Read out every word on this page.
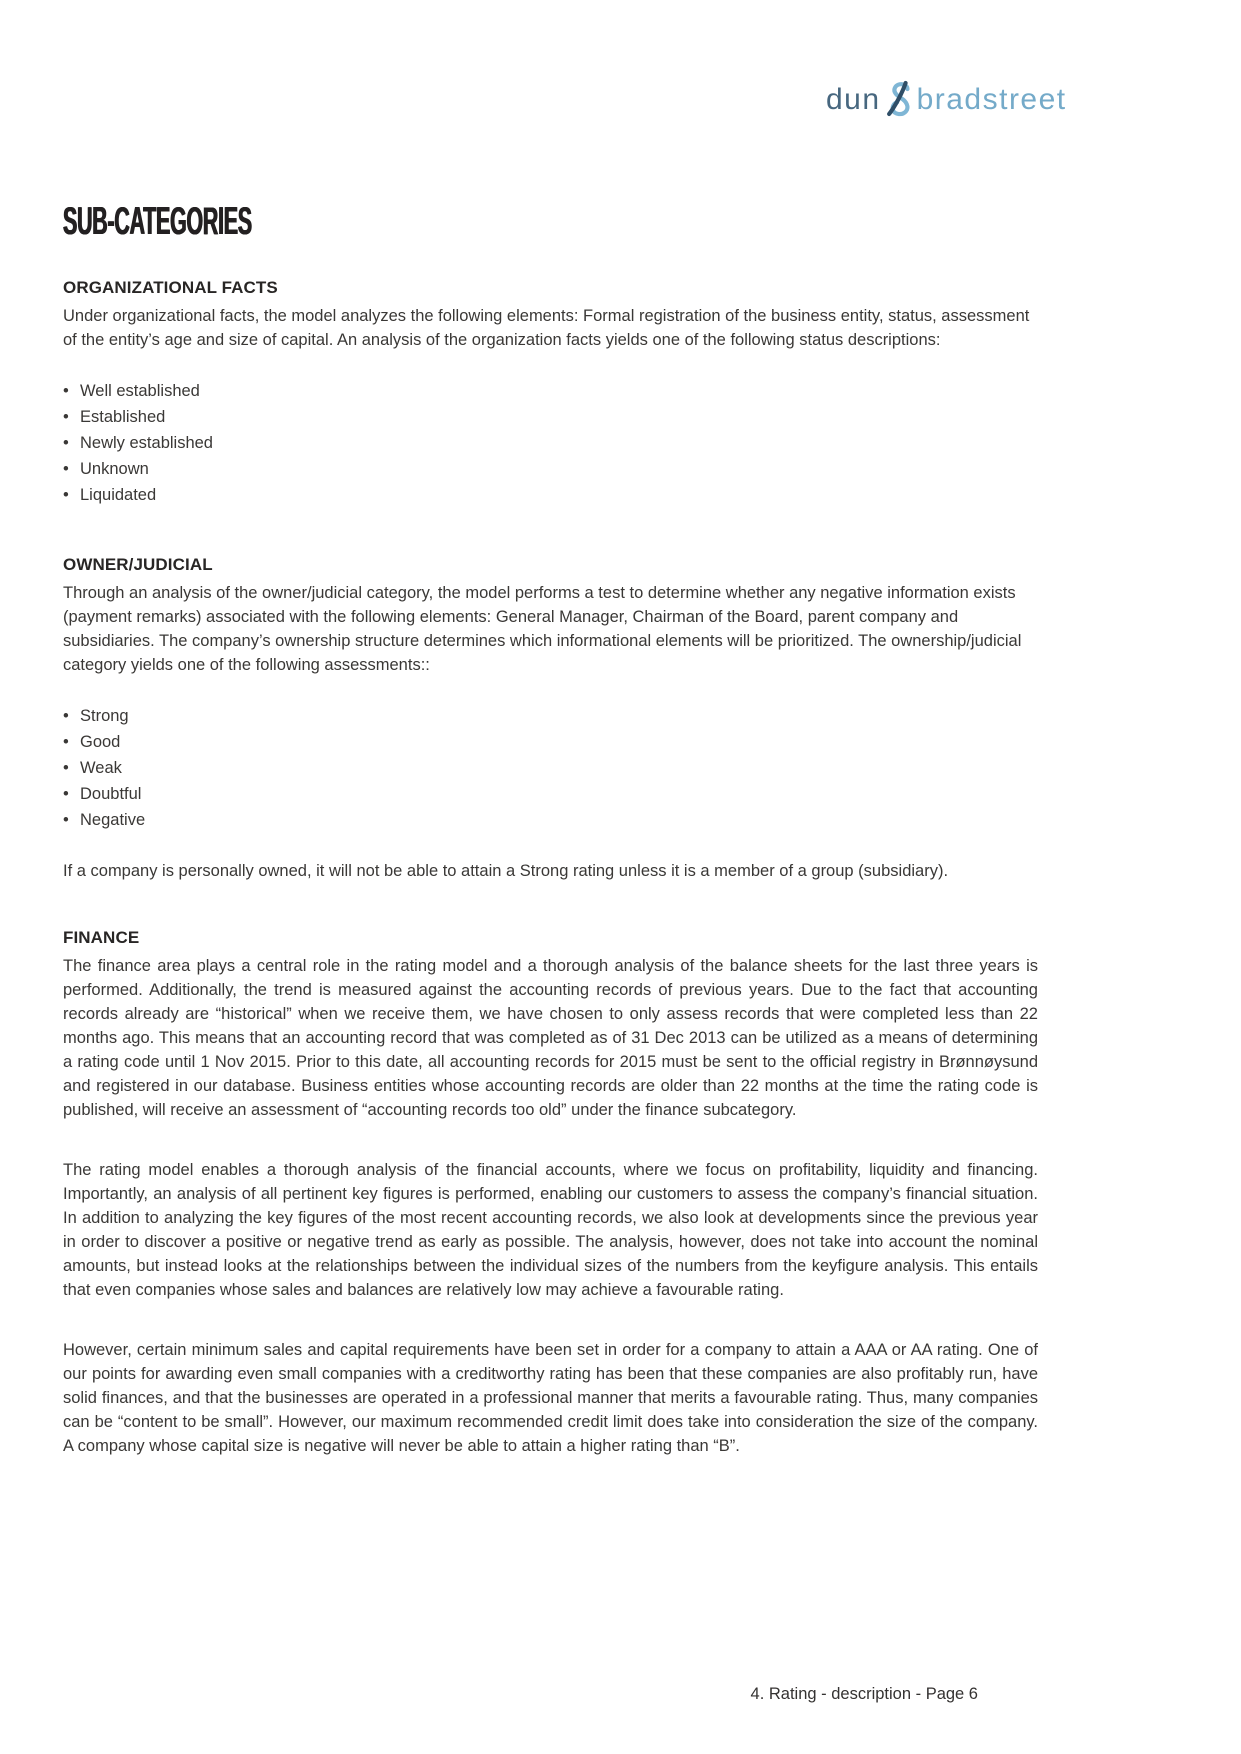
dun bradstreet
SUB-CATEGORIES
ORGANIZATIONAL FACTS

Under organizational facts, the model analyzes the following elements: Formal registration of the business entity, status, assessment of the entity’s age and size of capital. An analysis of the organization facts yields one of the following status descriptions:

• Well established
• Established
• Newly established
• Unknown
• Liquidated
OWNER/JUDICIAL

Through an analysis of the owner/judicial category, the model performs a test to determine whether any negative information exists (payment remarks) associated with the following elements: General Manager, Chairman of the Board, parent company and subsidiaries. The company’s ownership structure determines which informational elements will be prioritized. The ownership/judicial category yields one of the following assessments::

• Strong
• Good
• Weak
• Doubtful
• Negative

If a company is personally owned, it will not be able to attain a Strong rating unless it is a member of a group (subsidiary).

FINANCE

The finance area plays a central role in the rating model and a thorough analysis of the balance sheets for the last three years is performed. Additionally, the trend is measured against the accounting records of previous years. Due to the fact that accounting records already are “historical” when we receive them, we have chosen to only assess records that were completed less than 22 months ago. This means that an accounting record that was completed as of 31 Dec 2013 can be utilized as a means of determining a rating code until 1 Nov 2015. Prior to this date, all accounting records for 2015 must be sent to the official registry in Brønnøysund and registered in our database. Business entities whose accounting records are older than 22 months at the time the rating code is published, will receive an assessment of “accounting records too old” under the finance subcategory.

The rating model enables a thorough analysis of the financial accounts, where we focus on profitability, liquidity and financing. Importantly, an analysis of all pertinent key figures is performed, enabling our customers to assess the company’s financial situation. In addition to analyzing the key figures of the most recent accounting records, we also look at developments since the previous year in order to discover a positive or negative trend as early as possible. The analysis, however, does not take into account the nominal amounts, but instead looks at the relationships between the individual sizes of the numbers from the keyfigure analysis. This entails that even companies whose sales and balances are relatively low may achieve a favourable rating.

However, certain minimum sales and capital requirements have been set in order for a company to attain a AAA or AA rating. One of our points for awarding even small companies with a creditworthy rating has been that these companies are also profitably run, have solid finances, and that the businesses are operated in a professional manner that merits a favourable rating. Thus, many companies can be “content to be small”. However, our maximum recommended credit limit does take into consideration the size of the company. A company whose capital size is negative will never be able to attain a higher rating than “B”.

4. Rating - description - Page 6
